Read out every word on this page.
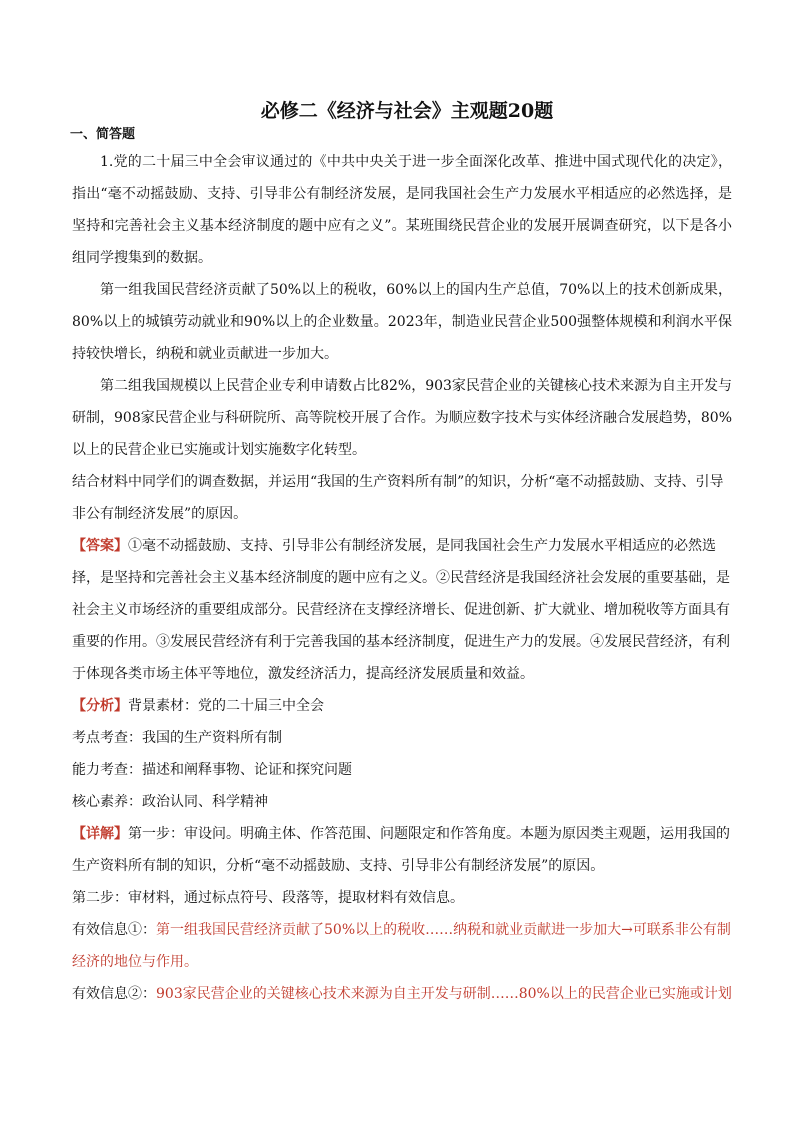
必修二《经济与社会》主观题20题

一、简答题

1.党的二十届三中全会审议通过的《中共中央关于进一步全面深化改革、推进中国式现代化的决定》，指出“毫不动摇鼓励、支持、引导非公有制经济发展，是同我国社会生产力发展水平相适应的必然选择，是坚持和完善社会主义基本经济制度的题中应有之义”。某班围绕民营企业的发展开展调查研究，以下是各小组同学搜集到的数据。

第一组我国民营经济贡献了50%以上的税收，60%以上的国内生产总值，70%以上的技术创新成果，80%以上的城镇劳动就业和90%以上的企业数量。2023年，制造业民营企业500强整体规模和利润水平保持较快增长，纳税和就业贡献进一步加大。

第二组我国规模以上民营企业专利申请数占比82%，903家民营企业的关键核心技术来源为自主开发与研制，908家民营企业与科研院所、高等院校开展了合作。为顺应数字技术与实体经济融合发展趋势，80%以上的民营企业已实施或计划实施数字化转型。

结合材料中同学们的调查数据，并运用“我国的生产资料所有制”的知识，分析“毫不动摇鼓励、支持、引导非公有制经济发展”的原因。

【答案】①毫不动摇鼓励、支持、引导非公有制经济发展，是同我国社会生产力发展水平相适应的必然选择，是坚持和完善社会主义基本经济制度的题中应有之义。②民营经济是我国经济社会发展的重要基础，是社会主义市场经济的重要组成部分。民营经济在支撑经济增长、促进创新、扩大就业、增加税收等方面具有重要的作用。③发展民营经济有利于完善我国的基本经济制度，促进生产力的发展。④发展民营经济，有利于体现各类市场主体平等地位，激发经济活力，提高经济发展质量和效益。

【分析】背景素材：党的二十届三中全会

考点考查：我国的生产资料所有制

能力考查：描述和阐释事物、论证和探究问题

核心素养：政治认同、科学精神

【详解】第一步：审设问。明确主体、作答范围、问题限定和作答角度。本题为原因类主观题，运用我国的生产资料所有制的知识，分析“毫不动摇鼓励、支持、引导非公有制经济发展”的原因。

第二步：审材料，通过标点符号、段落等，提取材料有效信息。

有效信息①：第一组我国民营经济贡献了50%以上的税收……纳税和就业贡献进一步加大→可联系非公有制经济的地位与作用。

有效信息②：903家民营企业的关键核心技术来源为自主开发与研制……80%以上的民营企业已实施或计划
